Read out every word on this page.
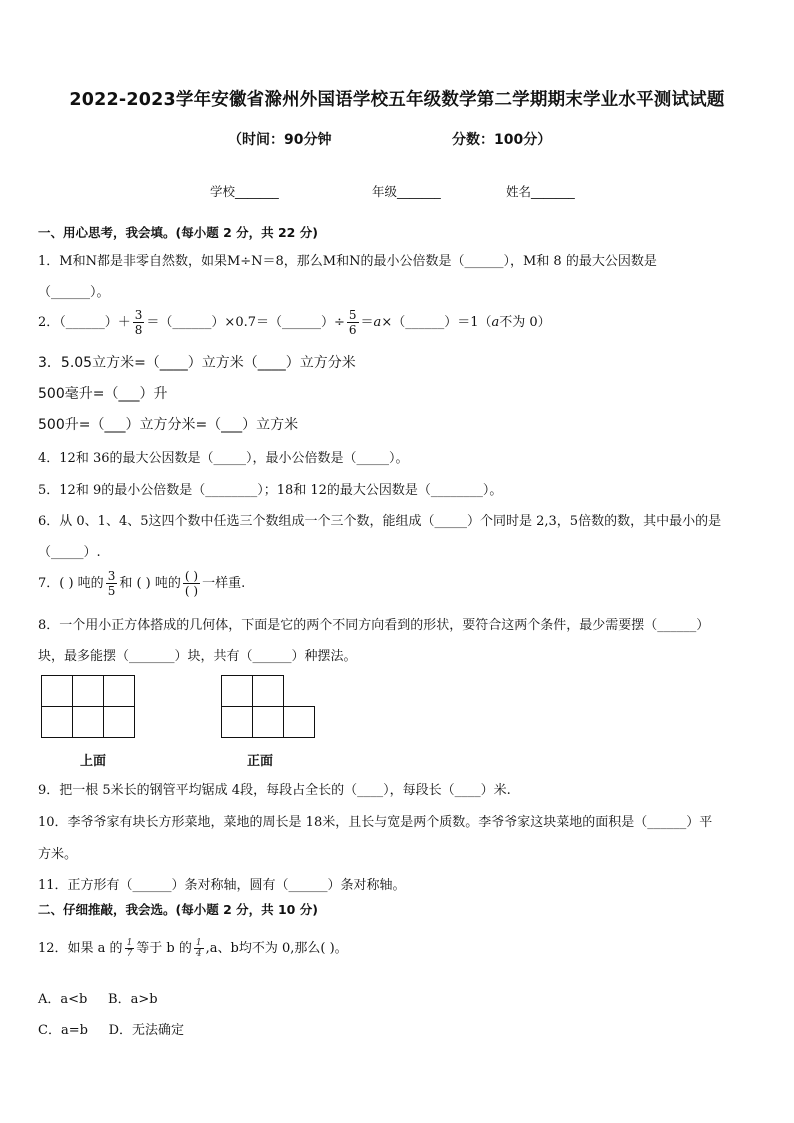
2022-2023学年安徽省滁州外国语学校五年级数学第二学期期末学业水平测试试题
（时间：90分钟	分数：100分）
学校_______	年级_______	姓名_______
一、用心思考，我会填。(每小题 2 分，共 22 分)
1．M和N都是非零自然数，如果M÷N＝8，那么M和N的最小公倍数是（______），M和 8 的最大公因数是
（______）。
2．（______）＋ $\frac{3}{8}$ ＝（______）×0.7＝（______）÷ $\frac{5}{6}$ ＝a×（______）＝1（a不为 0）
3．5.05立方米=（____）立方米（____）立方分米
500毫升=（___）升
500升=（___）立方分米=（___）立方米
4．12和 36的最大公因数是（_____），最小公倍数是（_____）。
5．12和 9的最小公倍数是（________）；18和 12的最大公因数是（________）。
6．从 0、1、4、5这四个数中任选三个数组成一个三个数，能组成（_____）个同时是 2,3，5倍数的数，其中最小的是
（_____）.
7．( ) 吨的 $\frac{3}{5}$ 和 ( ) 吨的 $\frac{( )}{( )}$ 一样重.
8．一个用小正方体搭成的几何体，下面是它的两个不同方向看到的形状，要符合这两个条件，最少需要摆（______）
块，最多能摆（_______）块，共有（______）种摆法。
上面	正面
9．把一根 5米长的钢管平均锯成 4段，每段占全长的（____），每段长（____）米.
10．李爷爷家有块长方形菜地，菜地的周长是 18米，且长与宽是两个质数。李爷爷家这块菜地的面积是（______）平
方米。
11．正方形有（______）条对称轴，圆有（______）条对称轴。
二、仔细推敲，我会选。(每小题 2 分，共 10 分)
12．如果 a 的 $\frac{1}{7}$ 等于 b 的 $\frac{1}{4} ,a$、b均不为 0,那么( )。
A．a<b     B．a>b
C．a=b     D．无法确定
